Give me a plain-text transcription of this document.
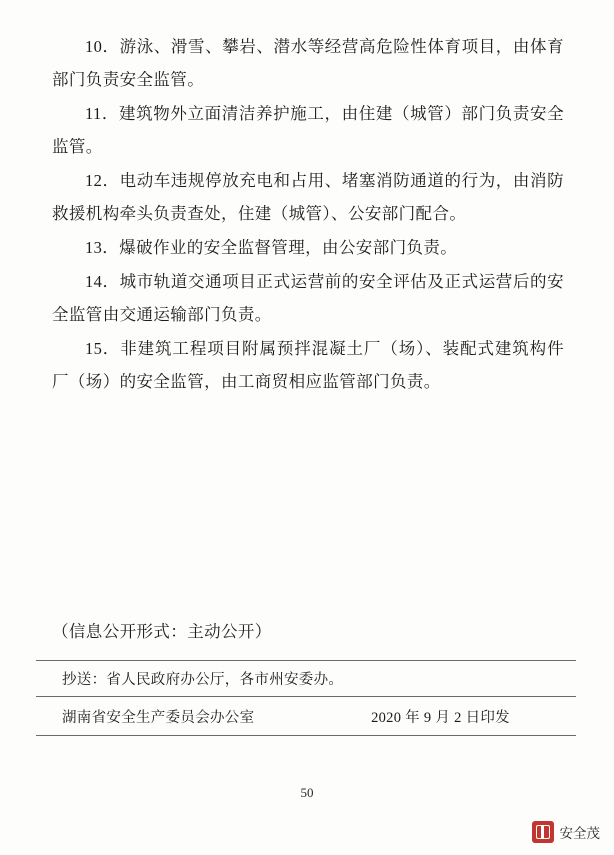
10．游泳、滑雪、攀岩、潜水等经营高危险性体育项目，由体育部门负责安全监管。

11．建筑物外立面清洁养护施工，由住建（城管）部门负责安全监管。

12．电动车违规停放充电和占用、堵塞消防通道的行为，由消防救援机构牵头负责查处，住建（城管）、公安部门配合。

13．爆破作业的安全监督管理，由公安部门负责。

14．城市轨道交通项目正式运营前的安全评估及正式运营后的安全监管由交通运输部门负责。

15．非建筑工程项目附属预拌混凝土厂（场）、装配式建筑构件厂（场）的安全监管，由工商贸相应监管部门负责。

（信息公开形式：主动公开）
抄送：省人民政府办公厅，各市州安委办。
湖南省安全生产委员会办公室	2020 年 9 月 2 日印发
50
安全茂
